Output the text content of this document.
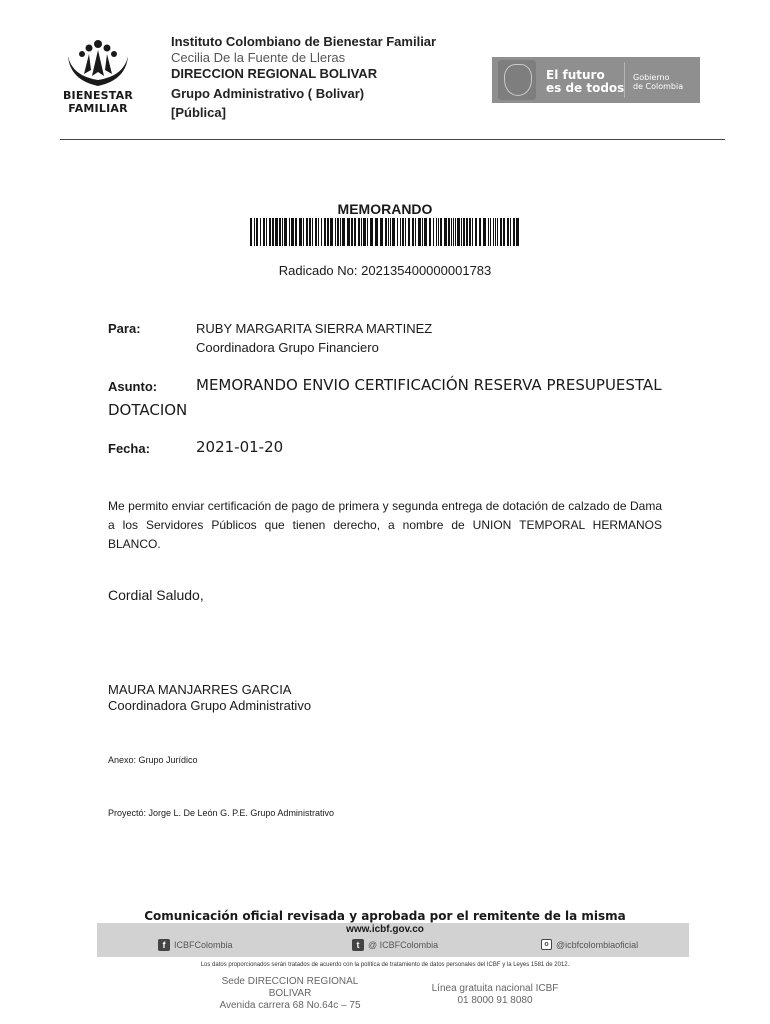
BIENESTAR
FAMILIAR
Instituto Colombiano de Bienestar Familiar
Cecilia De la Fuente de Lleras
DIRECCION REGIONAL BOLIVAR
Grupo Administrativo ( Bolivar)
[Pública]
El futuro
es de todos
Gobierno
de Colombia
MEMORANDO
Radicado No: 202135400000001783
Para:	RUBY MARGARITA SIERRA MARTINEZ
Coordinadora Grupo Financiero
Asunto:	MEMORANDO ENVIO CERTIFICACIÓN RESERVA PRESUPUESTAL
DOTACION
Fecha:	2021-01-20
Me permito enviar certificación de pago de primera y segunda entrega de dotación de calzado de Dama a los Servidores Públicos que tienen derecho, a nombre de UNION TEMPORAL HERMANOS BLANCO.
Cordial Saludo,
MAURA MANJARRES GARCIA
Coordinadora Grupo Administrativo
Anexo: Grupo Jurídico
Proyectó: Jorge L. De León G. P.E. Grupo Administrativo
Comunicación oficial revisada y aprobada por el remitente de la misma
www.icbf.gov.co
f ICBFColombia	t @ ICBFColombia	o @icbfcolombiaoficial
Los datos proporcionados serán tratados de acuerdo con la política de tratamiento de datos personales del ICBF y la Leyes 1581 de 2012.
Sede DIRECCION REGIONAL
BOLIVAR
Avenida carrera 68 No.64c – 75
Línea gratuita nacional ICBF
01 8000 91 8080
